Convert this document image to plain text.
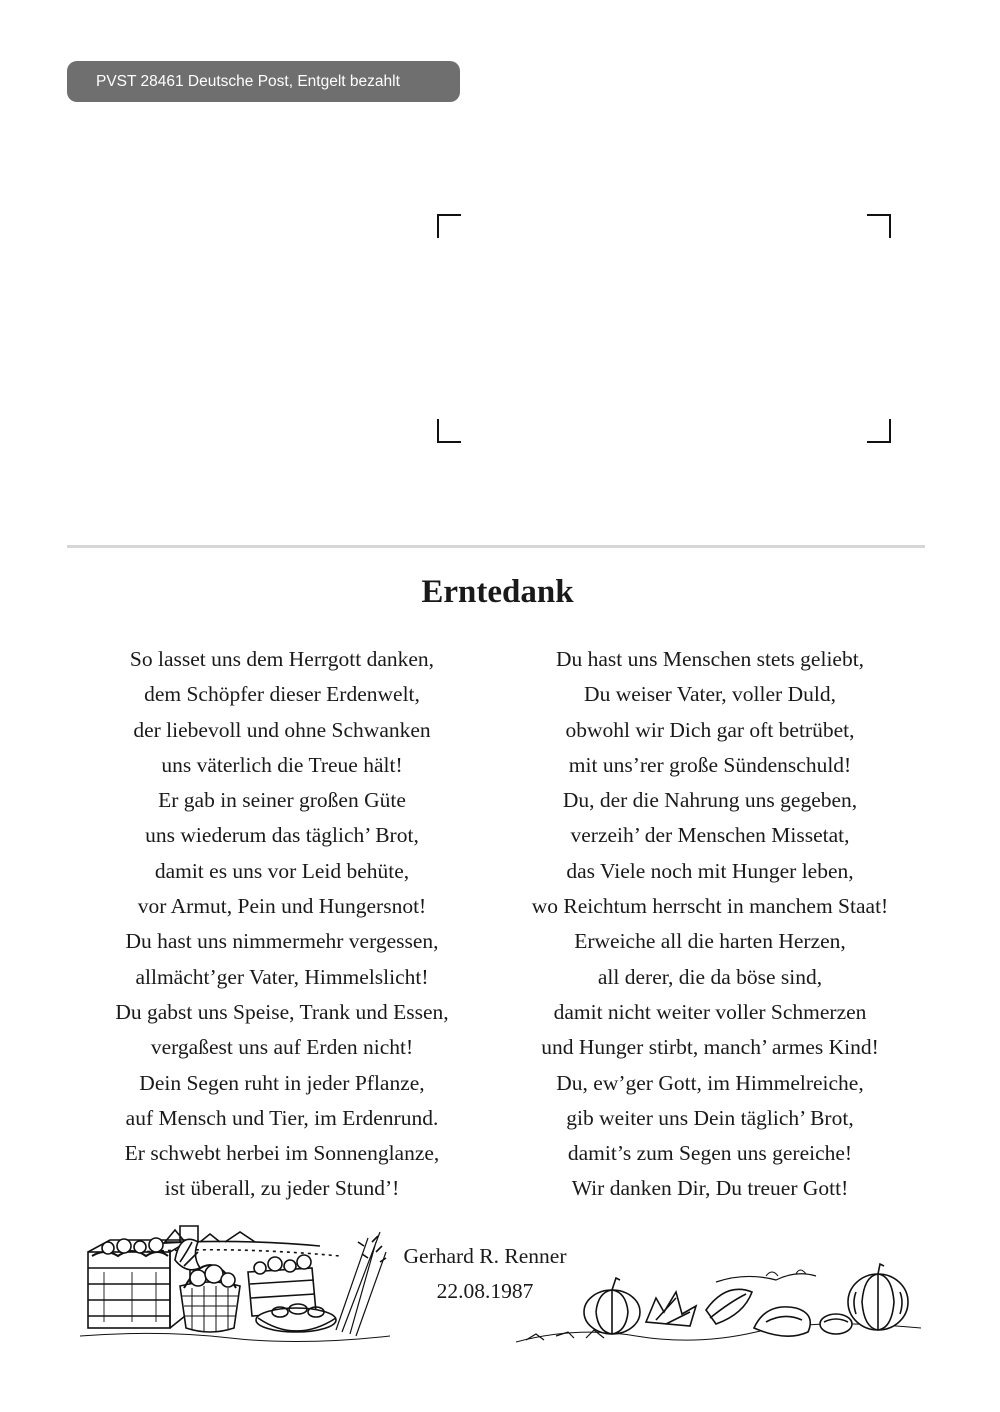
PVST 28461 Deutsche Post, Entgelt bezahlt
Erntedank
So lasset uns dem Herrgott danken,
dem Schöpfer dieser Erdenwelt,
der liebevoll und ohne Schwanken
uns väterlich die Treue hält!
Er gab in seiner großen Güte
uns wiederum das täglich’ Brot,
damit es uns vor Leid behüte,
vor Armut, Pein und Hungersnot!
Du hast uns nimmermehr vergessen,
allmächt’ger Vater, Himmelslicht!
Du gabst uns Speise, Trank und Essen,
vergaßest uns auf Erden nicht!
Dein Segen ruht in jeder Pflanze,
auf Mensch und Tier, im Erdenrund.
Er schwebt herbei im Sonnenglanze,
ist überall, zu jeder Stund’!
Du hast uns Menschen stets geliebt,
Du weiser Vater, voller Duld,
obwohl wir Dich gar oft betrübet,
mit uns’rer große Sündenschuld!
Du, der die Nahrung uns gegeben,
verzeih’ der Menschen Missetat,
das Viele noch mit Hunger leben,
wo Reichtum herrscht in manchem Staat!
Erweiche all die harten Herzen,
all derer, die da böse sind,
damit nicht weiter voller Schmerzen
und Hunger stirbt, manch’ armes Kind!
Du, ew’ger Gott, im Himmelreiche,
gib weiter uns Dein täglich’ Brot,
damit’s zum Segen uns gereiche!
Wir danken Dir, Du treuer Gott!
Gerhard R. Renner
22.08.1987
